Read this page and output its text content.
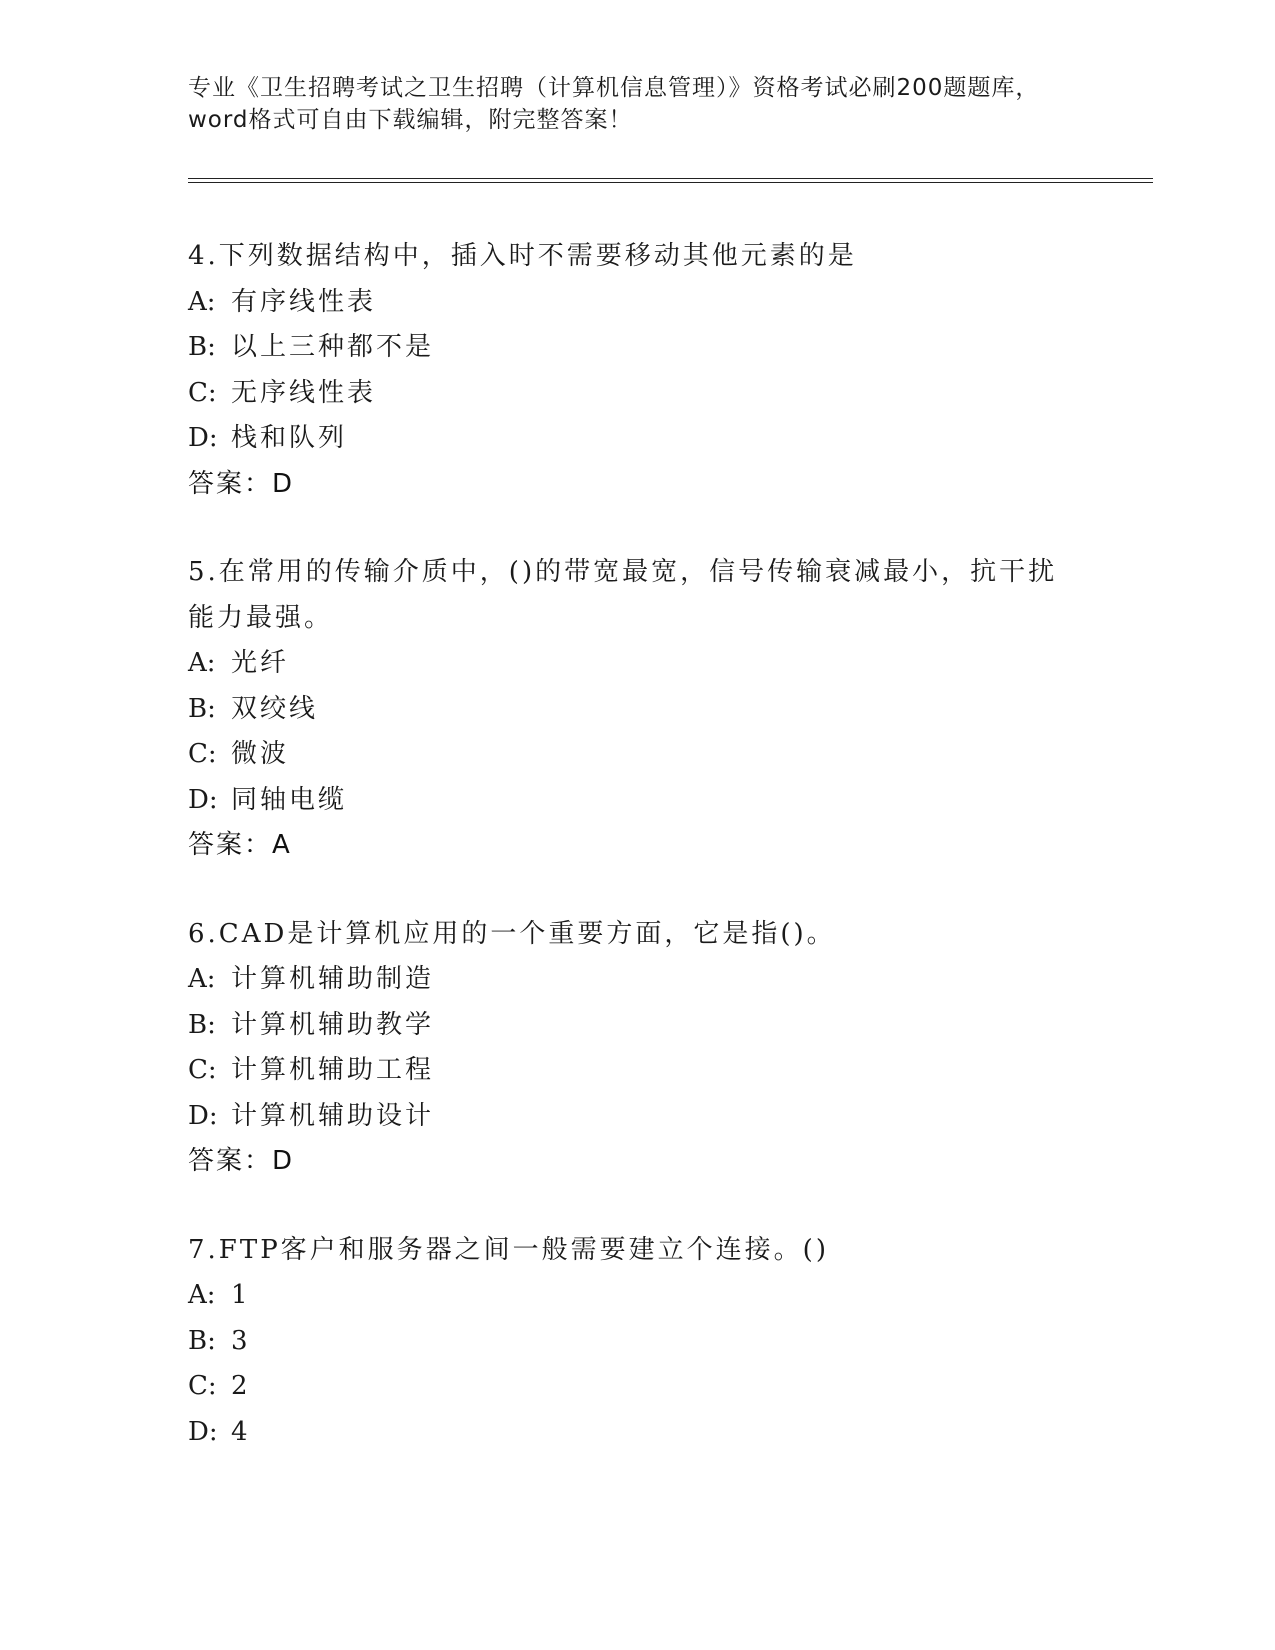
专业《卫生招聘考试之卫生招聘（计算机信息管理）》资格考试必刷200题题库，
word格式可自由下载编辑，附完整答案！
4.下列数据结构中，插入时不需要移动其他元素的是
A: 有序线性表
B: 以上三种都不是
C: 无序线性表
D: 栈和队列
答案：D
5.在常用的传输介质中，()的带宽最宽，信号传输衰减最小，抗干扰
能力最强。
A: 光纤
B: 双绞线
C: 微波
D: 同轴电缆
答案：A
6.CAD是计算机应用的一个重要方面，它是指()。
A: 计算机辅助制造
B: 计算机辅助教学
C: 计算机辅助工程
D: 计算机辅助设计
答案：D
7.FTP客户和服务器之间一般需要建立个连接。()
A: 1
B: 3
C: 2
D: 4
